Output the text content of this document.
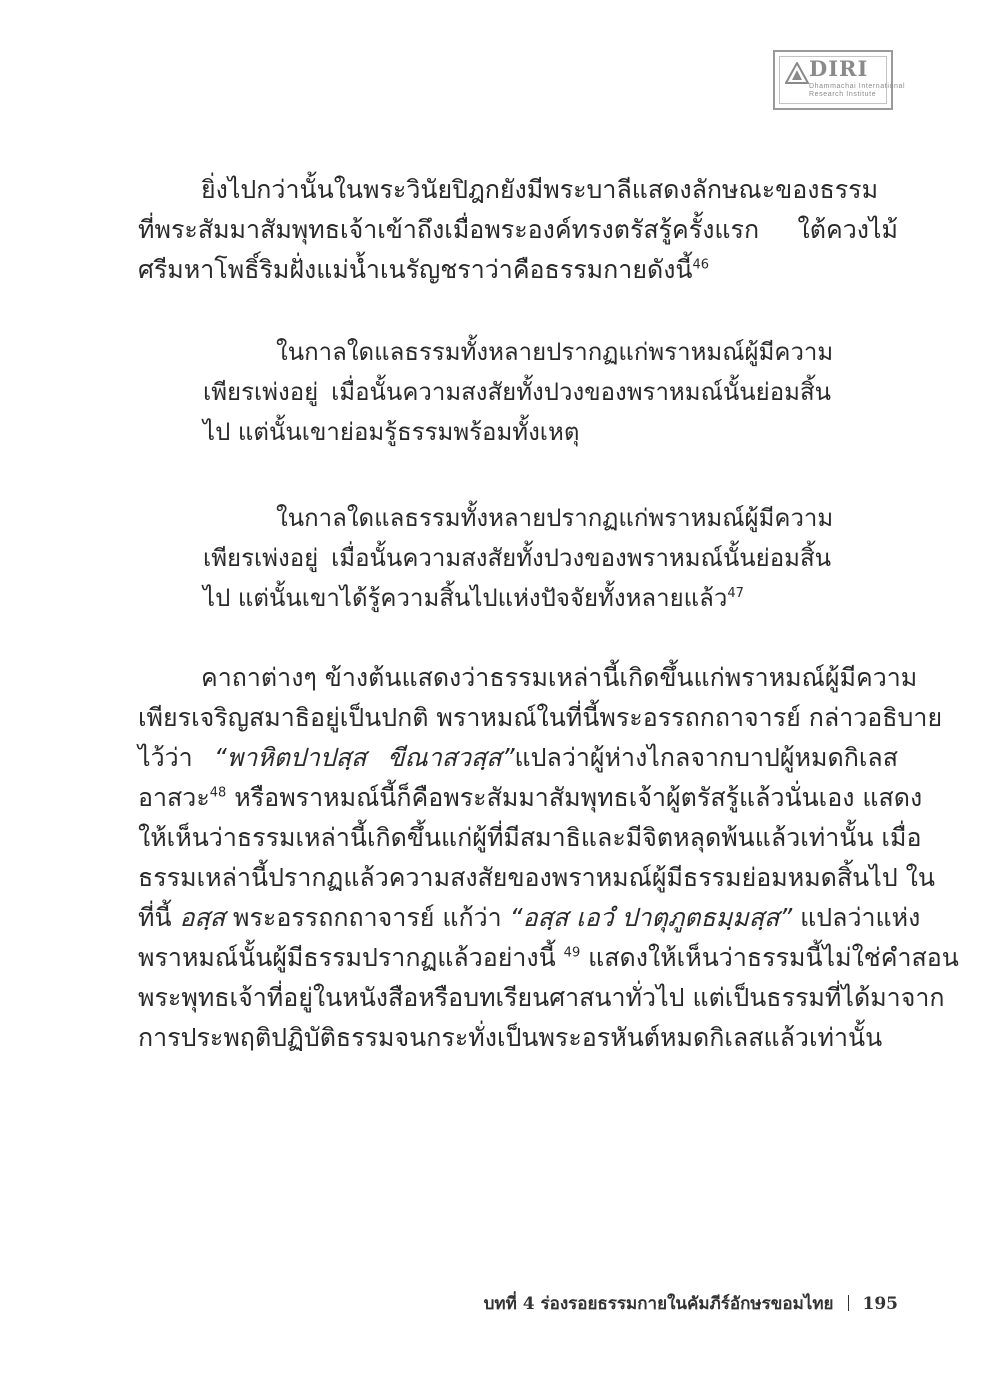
DIRI
Dhammachai International
Research Institute

ยิ่งไปกว่านั้นในพระวินัยปิฎกยังมีพระบาลีแสดงลักษณะของธรรม
ที่พระสัมมาสัมพุทธเจ้าเข้าถึงเมื่อพระองค์ทรงตรัสรู้ครั้งแรก ใต้ควงไม้
ศรีมหาโพธิ์ริมฝั่งแม่น้ำเนรัญชราว่าคือธรรมกายดังนี้$^{46}$

ในกาลใดแลธรรมทั้งหลายปรากฏแก่พราหมณ์ผู้มีความ
เพียรเพ่งอยู่ เมื่อนั้นความสงสัยทั้งปวงของพราหมณ์นั้นย่อมสิ้น
ไป แต่นั้นเขาย่อมรู้ธรรมพร้อมทั้งเหตุ
ในกาลใดแลธรรมทั้งหลายปรากฏแก่พราหมณ์ผู้มีความ
เพียรเพ่งอยู่ เมื่อนั้นความสงสัยทั้งปวงของพราหมณ์นั้นย่อมสิ้น
ไป แต่นั้นเขาได้รู้ความสิ้นไปแห่งปัจจัยทั้งหลายแล้ว$^{47}$

คาถาต่างๆ ข้างต้นแสดงว่าธรรมเหล่านี้เกิดขึ้นแก่พราหมณ์ผู้มีความ
เพียรเจริญสมาธิอยู่เป็นปกติ พราหมณ์ในที่นี้พระอรรถกถาจารย์ กล่าวอธิบาย
ไว้ว่า “พาหิตปาปสฺส ขีณาสวสฺส”แปลว่าผู้ห่างไกลจากบาปผู้หมดกิเลส
อาสวะ$^{48}$ หรือพราหมณ์นี้ก็คือพระสัมมาสัมพุทธเจ้าผู้ตรัสรู้แล้วนั่นเอง แสดง
ให้เห็นว่าธรรมเหล่านี้เกิดขึ้นแก่ผู้ที่มีสมาธิและมีจิตหลุดพ้นแล้วเท่านั้น เมื่อ
ธรรมเหล่านี้ปรากฏแล้วความสงสัยของพราหมณ์ผู้มีธรรมย่อมหมดสิ้นไป ใน
ที่นี้ อสฺส พระอรรถกถาจารย์ แก้ว่า “อสฺส เอวํ ปาตุภูตธมฺมสฺส” แปลว่าแห่ง
พราหมณ์นั้นผู้มีธรรมปรากฏแล้วอย่างนี้ $^{49}$ แสดงให้เห็นว่าธรรมนี้ไม่ใช่คำสอน
พระพุทธเจ้าที่อยู่ในหนังสือหรือบทเรียนศาสนาทั่วไป แต่เป็นธรรมที่ได้มาจาก
การประพฤติปฏิบัติธรรมจนกระทั่งเป็นพระอรหันต์หมดกิเลสแล้วเท่านั้น

บทที่ 4 ร่องรอยธรรมกายในคัมภีร์อักษรขอมไทย 195
